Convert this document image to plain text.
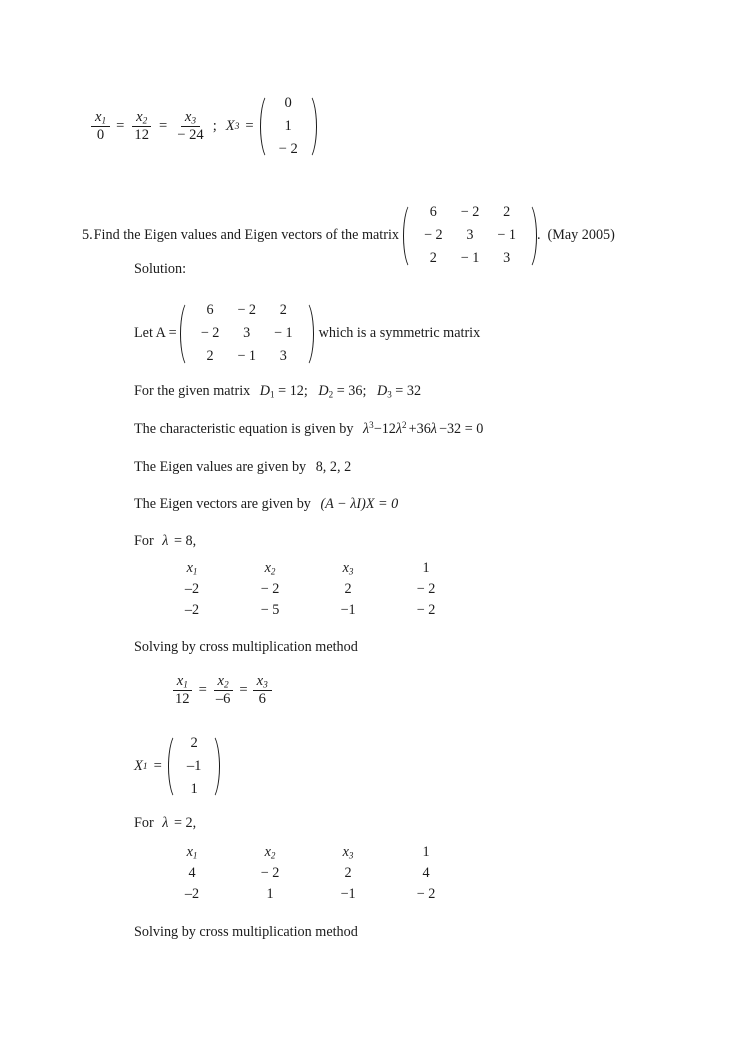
$\frac{x_1}{0} = \frac{x_2}{12} = \frac{x_3}{- 24}$ ; X 3 =
0
1
− 2
5. Find the Eigen values and Eigen vectors of the matrix
6	− 2	2
− 2	3	− 1
2	− 1	3
. (May 2005)
Solution:
Let A =
6	− 2	2
− 2	3	− 1
2	− 1	3
which is a symmetric matrix
For the given matrix $D_1 = 12$; $D_2 = 36$; $D_3 = 32$
The characteristic equation is given by $\lambda^3-12\lambda^2 +36\lambda -32 = 0$
The Eigen values are given by 8, 2, 2
The Eigen vectors are given by (A − λI)X = 0
For λ = 8,
$x_1$	$x_2$	$x_3$	1
–2	− 2	2	− 2
–2	− 5	−1	− 2
Solving by cross multiplication method
$\frac{x_1}{12} = \frac{x_2}{-6} = \frac{x_3}{6}$
X 1 =
2
–1
1
For λ = 2,
$x_1$	$x_2$	$x_3$	1
4	− 2	2	4
–2	1	−1	− 2
Solving by cross multiplication method
